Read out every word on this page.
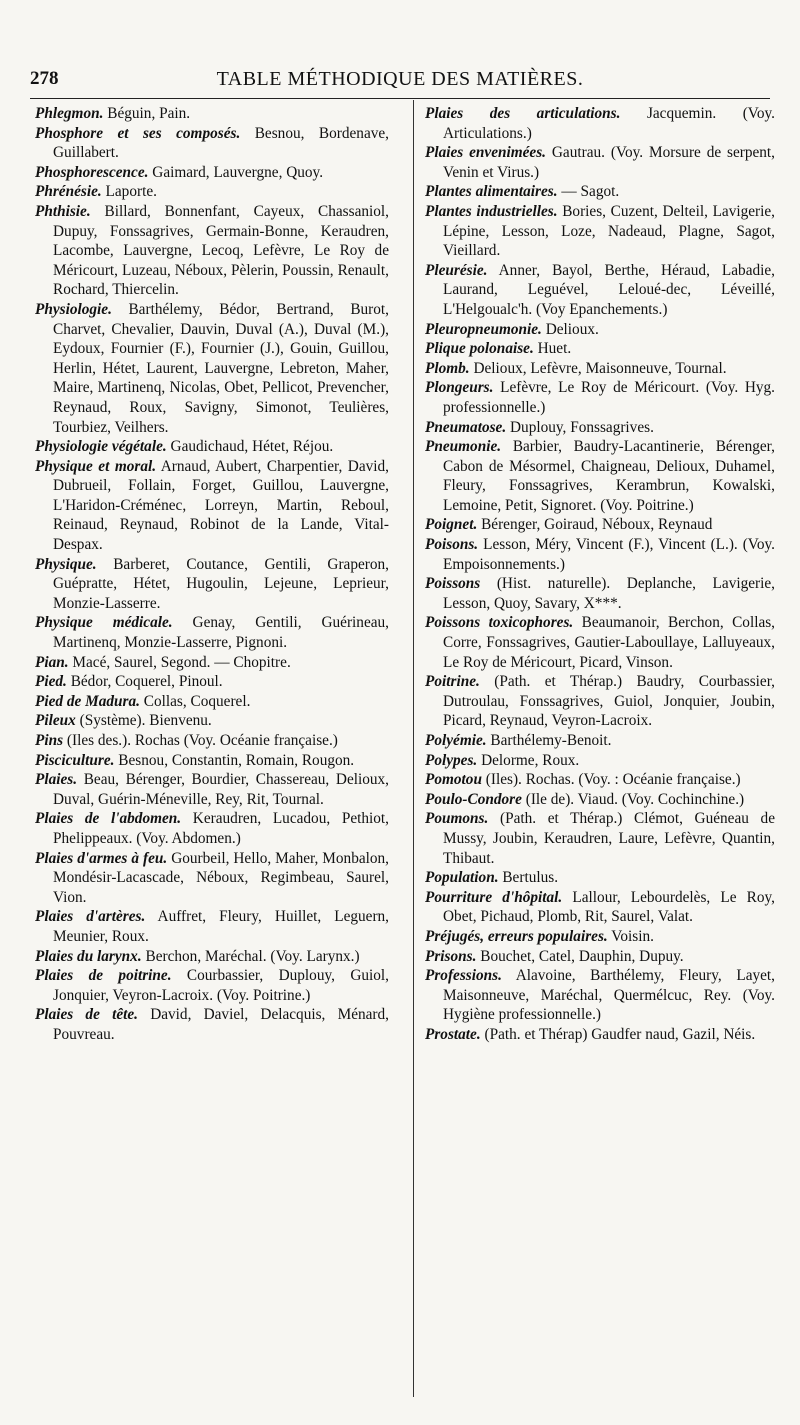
278	TABLE MÉTHODIQUE DES MATIÈRES.

Phlegmon. Béguin, Pain.

Phosphore et ses composés. Besnou, Bordenave, Guillabert.

Phosphorescence. Gaimard, Lauvergne, Quoy.

Phrénésie. Laporte.

Phthisie. Billard, Bonnenfant, Cayeux, Chassaniol, Dupuy, Fonssagrives, Germain-Bonne, Keraudren, Lacombe, Lauvergne, Lecoq, Lefèvre, Le Roy de Méricourt, Luzeau, Néboux, Pèlerin, Poussin, Renault, Rochard, Thiercelin.

Physiologie. Barthélemy, Bédor, Bertrand, Burot, Charvet, Chevalier, Dauvin, Duval (A.), Duval (M.), Eydoux, Fournier (F.), Fournier (J.), Gouin, Guillou, Herlin, Hétet, Laurent, Lauvergne, Lebreton, Maher, Maire, Martinenq, Nicolas, Obet, Pellicot, Prevencher, Reynaud, Roux, Savigny, Simonot, Teulières, Tourbiez, Veilhers.

Physiologie végétale. Gaudichaud, Hétet, Réjou.

Physique et moral. Arnaud, Aubert, Charpentier, David, Dubrueil, Follain, Forget, Guillou, Lauvergne, L'Haridon-Créménec, Lorreyn, Martin, Reboul, Reinaud, Reynaud, Robinot de la Lande, Vital-Despax.

Physique. Barberet, Coutance, Gentili, Graperon, Guépratte, Hétet, Hugoulin, Lejeune, Leprieur, Monzie-Lasserre.

Physique médicale. Genay, Gentili, Guérineau, Martinenq, Monzie-Lasserre, Pignoni.

Pian. Macé, Saurel, Segond. — Chopitre.

Pied. Bédor, Coquerel, Pinoul.

Pied de Madura. Collas, Coquerel.

Pileux (Système). Bienvenu.

Pins (Iles des.). Rochas (Voy. Océanie française.)

Pisciculture. Besnou, Constantin, Romain, Rougon.

Plaies. Beau, Bérenger, Bourdier, Chassereau, Delioux, Duval, Guérin-Méneville, Rey, Rit, Tournal.

Plaies de l'abdomen. Keraudren, Lucadou, Pethiot, Phelippeaux. (Voy. Abdomen.)

Plaies d'armes à feu. Gourbeil, Hello, Maher, Monbalon, Mondésir-Lacascade, Néboux, Regimbeau, Saurel, Vion.

Plaies d'artères. Auffret, Fleury, Huillet, Leguern, Meunier, Roux.

Plaies du larynx. Berchon, Maréchal. (Voy. Larynx.)

Plaies de poitrine. Courbassier, Duplouy, Guiol, Jonquier, Veyron-Lacroix. (Voy. Poitrine.)

Plaies de tête. David, Daviel, Delacquis, Ménard, Pouvreau.

Plaies des articulations. Jacquemin. (Voy. Articulations.)

Plaies envenimées. Gautrau. (Voy. Morsure de serpent, Venin et Virus.)

Plantes alimentaires. — Sagot.

Plantes industrielles. Bories, Cuzent, Delteil, Lavigerie, Lépine, Lesson, Loze, Nadeaud, Plagne, Sagot, Vieillard.

Pleurésie. Anner, Bayol, Berthe, Héraud, Labadie, Laurand, Leguével, Leloué-dec, Léveillé, L'Helgoualc'h. (Voy Epanchements.)

Pleuropneumonie. Delioux.

Plique polonaise. Huet.

Plomb. Delioux, Lefèvre, Maisonneuve, Tournal.

Plongeurs. Lefèvre, Le Roy de Méricourt. (Voy. Hyg. professionnelle.)

Pneumatose. Duplouy, Fonssagrives.

Pneumonie. Barbier, Baudry-Lacantinerie, Bérenger, Cabon de Mésormel, Chaigneau, Delioux, Duhamel, Fleury, Fonssagrives, Kerambrun, Kowalski, Lemoine, Petit, Signoret. (Voy. Poitrine.)

Poignet. Bérenger, Goiraud, Néboux, Reynaud

Poisons. Lesson, Méry, Vincent (F.), Vincent (L.). (Voy. Empoisonnements.)

Poissons (Hist. naturelle). Deplanche, Lavigerie, Lesson, Quoy, Savary, X***.

Poissons toxicophores. Beaumanoir, Berchon, Collas, Corre, Fonssagrives, Gautier-Laboullaye, Lalluyeaux, Le Roy de Méricourt, Picard, Vinson.

Poitrine. (Path. et Thérap.) Baudry, Courbassier, Dutroulau, Fonssagrives, Guiol, Jonquier, Joubin, Picard, Reynaud, Veyron-Lacroix.

Polyémie. Barthélemy-Benoit.

Polypes. Delorme, Roux.

Pomotou (Iles). Rochas. (Voy. : Océanie française.)

Poulo-Condore (Ile de). Viaud. (Voy. Cochinchine.)

Poumons. (Path. et Thérap.) Clémot, Guéneau de Mussy, Joubin, Keraudren, Laure, Lefèvre, Quantin, Thibaut.

Population. Bertulus.

Pourriture d'hôpital. Lallour, Lebourdelès, Le Roy, Obet, Pichaud, Plomb, Rit, Saurel, Valat.

Préjugés, erreurs populaires. Voisin.

Prisons. Bouchet, Catel, Dauphin, Dupuy.

Professions. Alavoine, Barthélemy, Fleury, Layet, Maisonneuve, Maréchal, Quermélcuc, Rey. (Voy. Hygiène professionnelle.)

Prostate. (Path. et Thérap) Gaudfer naud, Gazil, Néis.
